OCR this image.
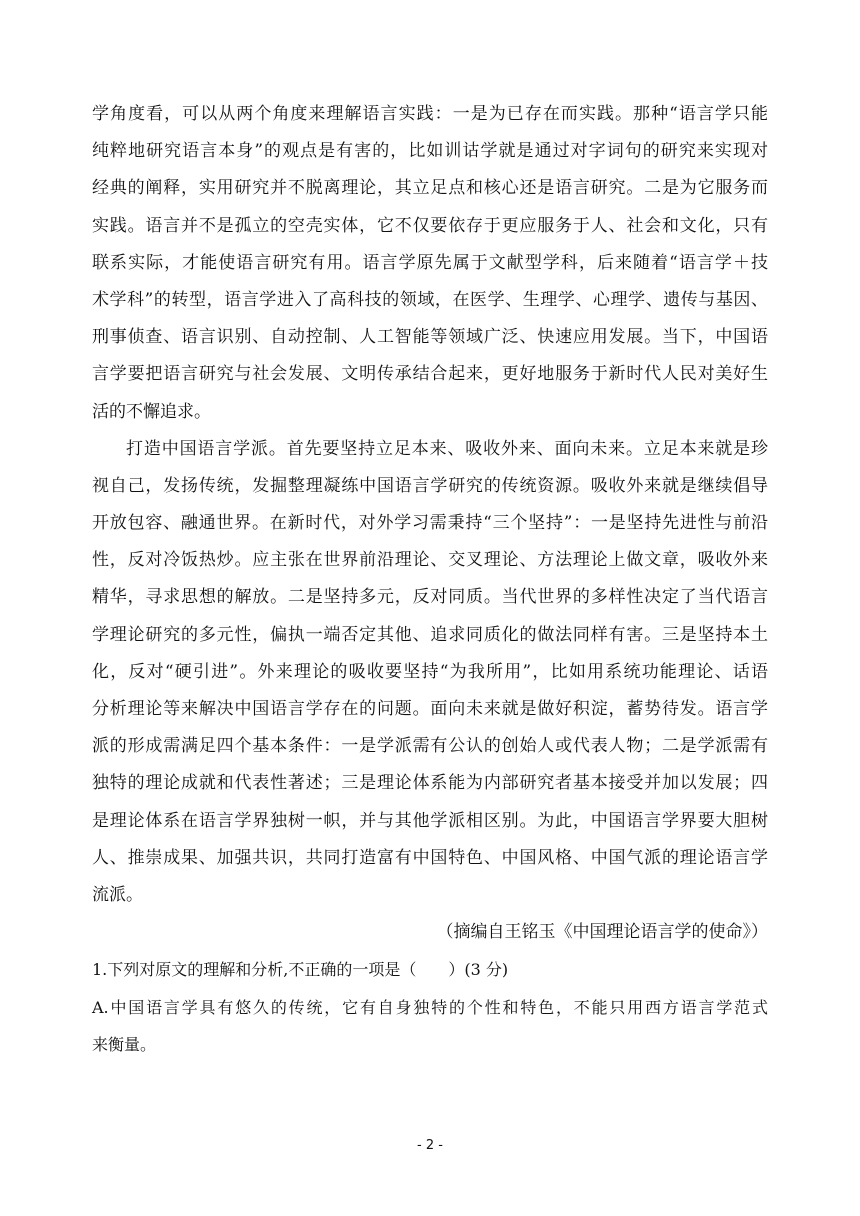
学角度看，可以从两个角度来理解语言实践：一是为已存在而实践。那种“语言学只能
纯粹地研究语言本身”的观点是有害的，比如训诂学就是通过对字词句的研究来实现对
经典的阐释，实用研究并不脱离理论，其立足点和核心还是语言研究。二是为它服务而
实践。语言并不是孤立的空壳实体，它不仅要依存于更应服务于人、社会和文化，只有
联系实际，才能使语言研究有用。语言学原先属于文献型学科，后来随着“语言学＋技
术学科”的转型，语言学进入了高科技的领域，在医学、生理学、心理学、遗传与基因、
刑事侦查、语言识别、自动控制、人工智能等领域广泛、快速应用发展。当下，中国语
言学要把语言研究与社会发展、文明传承结合起来，更好地服务于新时代人民对美好生
活的不懈追求。
打造中国语言学派。首先要坚持立足本来、吸收外来、面向未来。立足本来就是珍
视自己，发扬传统，发掘整理凝练中国语言学研究的传统资源。吸收外来就是继续倡导
开放包容、融通世界。在新时代，对外学习需秉持“三个坚持”：一是坚持先进性与前沿
性，反对冷饭热炒。应主张在世界前沿理论、交叉理论、方法理论上做文章，吸收外来
精华，寻求思想的解放。二是坚持多元，反对同质。当代世界的多样性决定了当代语言
学理论研究的多元性，偏执一端否定其他、追求同质化的做法同样有害。三是坚持本土
化，反对“硬引进”。外来理论的吸收要坚持“为我所用”，比如用系统功能理论、话语
分析理论等来解决中国语言学存在的问题。面向未来就是做好积淀，蓄势待发。语言学
派的形成需满足四个基本条件：一是学派需有公认的创始人或代表人物；二是学派需有
独特的理论成就和代表性著述；三是理论体系能为内部研究者基本接受并加以发展；四
是理论体系在语言学界独树一帜，并与其他学派相区别。为此，中国语言学界要大胆树
人、推崇成果、加强共识，共同打造富有中国特色、中国风格、中国气派的理论语言学
流派。
（摘编自王铭玉《中国理论语言学的使命》）
1.下列对原文的理解和分析,不正确的一项是（　　）(3 分)
A.中国语言学具有悠久的传统，它有自身独特的个性和特色，不能只用西方语言学范式
来衡量。
- 2 -
